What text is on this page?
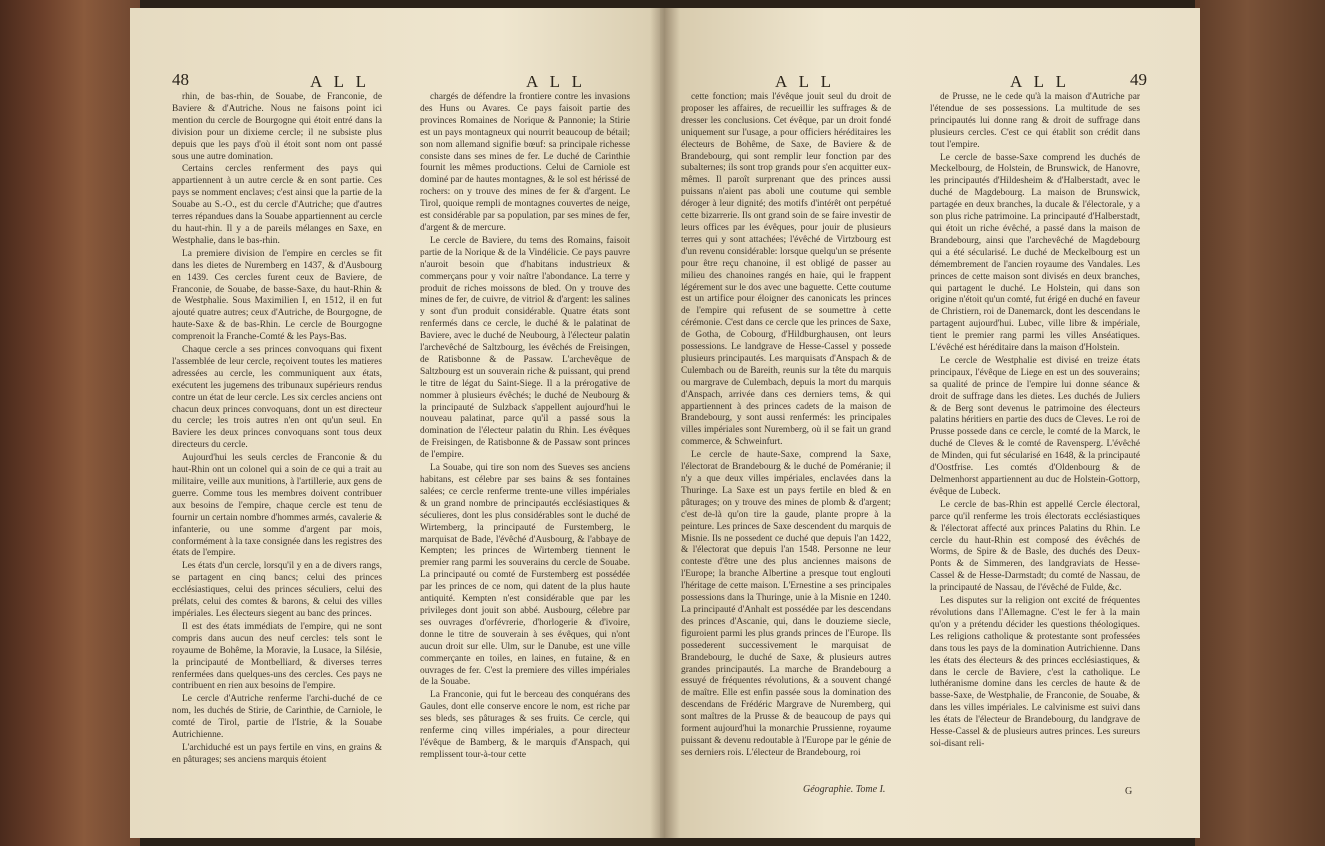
48	A L L	A L L

rhin, de bas-rhin, de Souabe, de Franconie, de Baviere & d'Autriche. Nous ne faisons point ici mention du cercle de Bourgogne qui étoit entré dans la division pour un dixieme cercle; il ne subsiste plus depuis que les pays d'où il étoit sont nom ont passé sous une autre domination.

Certains cercles renferment des pays qui appartiennent à un autre cercle & en sont partie. Ces pays se nomment enclaves; c'est ainsi que la partie de la Souabe au S.-O., est du cercle d'Autriche; que d'autres terres répandues dans la Souabe appartiennent au cercle du haut-rhin. Il y a de pareils mélanges en Saxe, en Westphalie, dans le bas-rhin.

La premiere division de l'empire en cercles se fit dans les dietes de Nuremberg en 1437, & d'Ausbourg en 1439. Ces cercles furent ceux de Baviere, de Franconie, de Souabe, de basse-Saxe, du haut-Rhin & de Westphalie. Sous Maximilien I, en 1512, il en fut ajouté quatre autres; ceux d'Autriche, de Bourgogne, de haute-Saxe & de bas-Rhin. Le cercle de Bourgogne comprenoit la Franche-Comté & les Pays-Bas.

Chaque cercle a ses princes convoquans qui fixent l'assemblée de leur cercle, reçoivent toutes les matieres adressées au cercle, les communiquent aux états, exécutent les jugemens des tribunaux supérieurs rendus contre un état de leur cercle. Les six cercles anciens ont chacun deux princes convoquans, dont un est directeur du cercle; les trois autres n'en ont qu'un seul. En Baviere les deux princes convoquans sont tous deux directeurs du cercle.

Aujourd'hui les seuls cercles de Franconie & du haut-Rhin ont un colonel qui a soin de ce qui a trait au militaire, veille aux munitions, à l'artillerie, aux gens de guerre. Comme tous les membres doivent contribuer aux besoins de l'empire, chaque cercle est tenu de fournir un certain nombre d'hommes armés, cavalerie & infanterie, ou une somme d'argent par mois, conformément à la taxe consignée dans les registres des états de l'empire.

Les états d'un cercle, lorsqu'il y en a de divers rangs, se partagent en cinq bancs; celui des princes ecclésiastiques, celui des princes séculiers, celui des prélats, celui des comtes & barons, & celui des villes impériales. Les électeurs siegent au banc des princes.

Il est des états immédiats de l'empire, qui ne sont compris dans aucun des neuf cercles: tels sont le royaume de Bohême, la Moravie, la Lusace, la Silésie, la principauté de Montbelliard, & diverses terres renfermées dans quelques-uns des cercles. Ces pays ne contribuent en rien aux besoins de l'empire.

Le cercle d'Autriche renferme l'archi-duché de ce nom, les duchés de Stirie, de Carinthie, de Carniole, le comté de Tirol, partie de l'Istrie, & la Souabe Autrichienne.

L'archiduché est un pays fertile en vins, en grains & en pâturages; ses anciens marquis étoient

chargés de défendre la frontiere contre les invasions des Huns ou Avares. Ce pays faisoit partie des provinces Romaines de Norique & Pannonie; la Stirie est un pays montagneux qui nourrit beaucoup de bétail; son nom allemand signifie bœuf: sa principale richesse consiste dans ses mines de fer. Le duché de Carinthie fournit les mêmes productions. Celui de Carniole est dominé par de hautes montagnes, & le sol est hérissé de rochers: on y trouve des mines de fer & d'argent. Le Tirol, quoique rempli de montagnes couvertes de neige, est considérable par sa population, par ses mines de fer, d'argent & de mercure.

Le cercle de Baviere, du tems des Romains, faisoit partie de la Norique & de la Vindélicie. Ce pays pauvre n'auroit besoin que d'habitans industrieux & commerçans pour y voir naître l'abondance. La terre y produit de riches moissons de bled. On y trouve des mines de fer, de cuivre, de vitriol & d'argent: les salines y sont d'un produit considérable. Quatre états sont renfermés dans ce cercle, le duché & le palatinat de Baviere, avec le duché de Neubourg, à l'électeur palatin l'archevêché de Saltzbourg, les évêchés de Freisingen, de Ratisbonne & de Passaw. L'archevêque de Saltzbourg est un souverain riche & puissant, qui prend le titre de légat du Saint-Siege. Il a la prérogative de nommer à plusieurs évêchés; le duché de Neubourg & la principauté de Sulzback s'appellent aujourd'hui le nouveau palatinat, parce qu'il a passé sous la domination de l'électeur palatin du Rhin. Les évêques de Freisingen, de Ratisbonne & de Passaw sont princes de l'empire.

La Souabe, qui tire son nom des Sueves ses anciens habitans, est célebre par ses bains & ses fontaines salées; ce cercle renferme trente-une villes impériales & un grand nombre de principautés ecclésiastiques & séculieres, dont les plus considérables sont le duché de Wirtemberg, la principauté de Furstemberg, le marquisat de Bade, l'évêché d'Ausbourg, & l'abbaye de Kempten; les princes de Wirtemberg tiennent le premier rang parmi les souverains du cercle de Souabe. La principauté ou comté de Furstemberg est possédée par les princes de ce nom, qui datent de la plus haute antiquité. Kempten n'est considérable que par les privileges dont jouit son abbé. Ausbourg, célebre par ses ouvrages d'orfévrerie, d'horlogerie & d'ivoire, donne le titre de souverain à ses évêques, qui n'ont aucun droit sur elle. Ulm, sur le Danube, est une ville commerçante en toiles, en laines, en futaine, & en ouvrages de fer. C'est la premiere des villes impériales de la Souabe.

La Franconie, qui fut le berceau des conquérans des Gaules, dont elle conserve encore le nom, est riche par ses bleds, ses pâturages & ses fruits. Ce cercle, qui renferme cinq villes impériales, a pour directeur l'évêque de Bamberg, & le marquis d'Anspach, qui remplissent tour-à-tour cette

A L L	A L L	49

cette fonction; mais l'évêque jouit seul du droit de proposer les affaires, de recueillir les suffrages & de dresser les conclusions. Cet évêque, par un droit fondé uniquement sur l'usage, a pour officiers héréditaires les électeurs de Bohême, de Saxe, de Baviere & de Brandebourg, qui sont remplir leur fonction par des subalternes; ils sont trop grands pour s'en acquitter eux-mêmes. Il paroît surprenant que des princes aussi puissans n'aient pas aboli une coutume qui semble déroger à leur dignité; des motifs d'intérêt ont perpétué cette bizarrerie. Ils ont grand soin de se faire investir de leurs offices par les évêques, pour jouir de plusieurs terres qui y sont attachées; l'évêché de Virtzbourg est d'un revenu considérable: lorsque quelqu'un se présente pour être reçu chanoine, il est obligé de passer au milieu des chanoines rangés en haie, qui le frappent légérement sur le dos avec une baguette. Cette coutume est un artifice pour éloigner des canonicats les princes de l'empire qui refusent de se soumettre à cette cérémonie. C'est dans ce cercle que les princes de Saxe, de Gotha, de Cobourg, d'Hildburghausen, ont leurs possessions. Le landgrave de Hesse-Cassel y possede plusieurs principautés. Les marquisats d'Anspach & de Culembach ou de Bareith, reunis sur la tête du marquis ou margrave de Culembach, depuis la mort du marquis d'Anspach, arrivée dans ces derniers tems, & qui appartiennent à des princes cadets de la maison de Brandebourg, y sont aussi renfermés: les principales villes impériales sont Nuremberg, où il se fait un grand commerce, & Schweinfurt.

Le cercle de haute-Saxe, comprend la Saxe, l'électorat de Brandebourg & le duché de Poméranie; il n'y a que deux villes impériales, enclavées dans la Thuringe. La Saxe est un pays fertile en bled & en pâturages; on y trouve des mines de plomb & d'argent; c'est de-là qu'on tire la gaude, plante propre à la peinture. Les princes de Saxe descendent du marquis de Misnie. Ils ne possedent ce duché que depuis l'an 1422, & l'électorat que depuis l'an 1548. Personne ne leur conteste d'être une des plus anciennes maisons de l'Europe; la branche Albertine a presque tout englouti l'héritage de cette maison. L'Ernestine a ses principales possessions dans la Thuringe, unie à la Misnie en 1240. La principauté d'Anhalt est possédée par les descendans des princes d'Ascanie, qui, dans le douzieme siecle, figuroient parmi les plus grands princes de l'Europe. Ils possederent successivement le marquisat de Brandebourg, le duché de Saxe, & plusieurs autres grandes principautés. La marche de Brandebourg a essuyé de fréquentes révolutions, & a souvent changé de maître. Elle est enfin passée sous la domination des descendans de Frédéric Margrave de Nuremberg, qui sont maîtres de la Prusse & de beaucoup de pays qui forment aujourd'hui la monarchie Prussienne, royaume puissant & devenu redoutable à l'Europe par le génie de ses derniers rois. L'électeur de Brandebourg, roi

de Prusse, ne le cede qu'à la maison d'Autriche par l'étendue de ses possessions. La multitude de ses principautés lui donne rang & droit de suffrage dans plusieurs cercles. C'est ce qui établit son crédit dans tout l'empire.

Le cercle de basse-Saxe comprend les duchés de Meckelbourg, de Holstein, de Brunswick, de Hanovre, les principautés d'Hildesheim & d'Halberstadt, avec le duché de Magdebourg. La maison de Brunswick, partagée en deux branches, la ducale & l'électorale, y a son plus riche patrimoine. La principauté d'Halberstadt, qui étoit un riche évêché, a passé dans la maison de Brandebourg, ainsi que l'archevêché de Magdebourg qui a été sécularisé. Le duché de Meckelbourg est un démembrement de l'ancien royaume des Vandales. Les princes de cette maison sont divisés en deux branches, qui partagent le duché. Le Holstein, qui dans son origine n'étoit qu'un comté, fut érigé en duché en faveur de Christiern, roi de Danemarck, dont les descendans le partagent aujourd'hui. Lubec, ville libre & impériale, tient le premier rang parmi les villes Anséatiques. L'évêché est héréditaire dans la maison d'Holstein.

Le cercle de Westphalie est divisé en treize états principaux, l'évêque de Liege en est un des souverains; sa qualité de prince de l'empire lui donne séance & droit de suffrage dans les dietes. Les duchés de Juliers & de Berg sont devenus le patrimoine des électeurs palatins héritiers en partie des ducs de Cleves. Le roi de Prusse possede dans ce cercle, le comté de la Marck, le duché de Cleves & le comté de Ravensperg. L'évêché de Minden, qui fut sécularisé en 1648, & la principauté d'Oostfrise. Les comtés d'Oldenbourg & de Delmenhorst appartiennent au duc de Holstein-Gottorp, évêque de Lubeck.

Le cercle de bas-Rhin est appellé Cercle électoral, parce qu'il renferme les trois électorats ecclésiastiques & l'électorat affecté aux princes Palatins du Rhin. Le cercle du haut-Rhin est composé des évêchés de Worms, de Spire & de Basle, des duchés des Deux-Ponts & de Simmeren, des landgraviats de Hesse-Cassel & de Hesse-Darmstadt; du comté de Nassau, de la principauté de Nassau, de l'évêché de Fulde, &c.

Les disputes sur la religion ont excité de fréquentes révolutions dans l'Allemagne. C'est le fer à la main qu'on y a prétendu décider les questions théologiques. Les religions catholique & protestante sont professées dans tous les pays de la domination Autrichienne. Dans les états des électeurs & des princes ecclésiastiques, & dans le cercle de Baviere, c'est la catholique. Le luthéranisme domine dans les cercles de haute & de basse-Saxe, de Westphalie, de Franconie, de Souabe, & dans les villes impériales. Le calvinisme est suivi dans les états de l'électeur de Brandebourg, du landgrave de Hesse-Cassel & de plusieurs autres princes. Les sureurs soi-disant reli-

Géographie. Tome I.	G
